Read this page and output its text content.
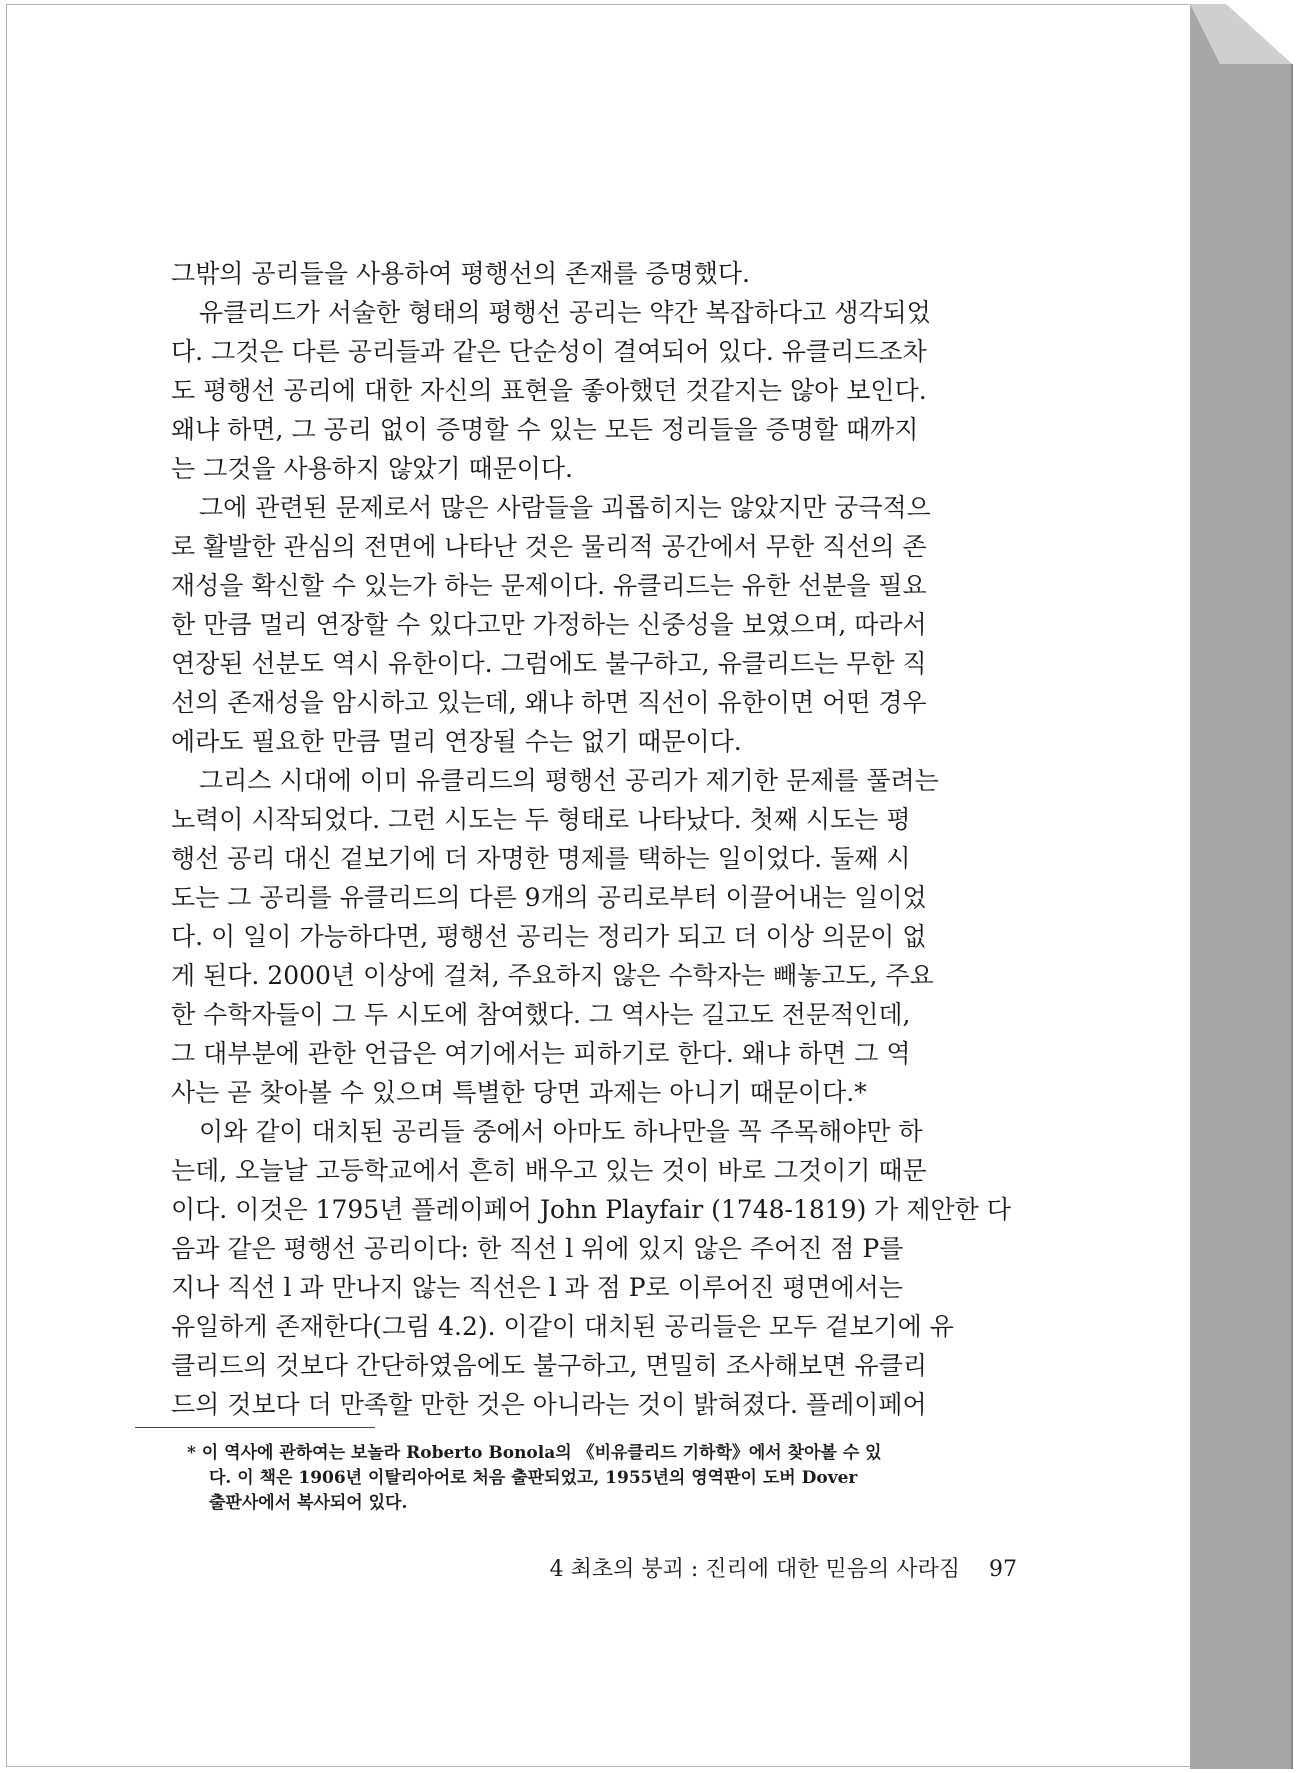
그밖의 공리들을 사용하여 평행선의 존재를 증명했다.
유클리드가 서술한 형태의 평행선 공리는 약간 복잡하다고 생각되었
다. 그것은 다른 공리들과 같은 단순성이 결여되어 있다. 유클리드조차
도 평행선 공리에 대한 자신의 표현을 좋아했던 것같지는 않아 보인다.
왜냐 하면, 그 공리 없이 증명할 수 있는 모든 정리들을 증명할 때까지
는 그것을 사용하지 않았기 때문이다.
그에 관련된 문제로서 많은 사람들을 괴롭히지는 않았지만 궁극적으
로 활발한 관심의 전면에 나타난 것은 물리적 공간에서 무한 직선의 존
재성을 확신할 수 있는가 하는 문제이다. 유클리드는 유한 선분을 필요
한 만큼 멀리 연장할 수 있다고만 가정하는 신중성을 보였으며, 따라서
연장된 선분도 역시 유한이다. 그럼에도 불구하고, 유클리드는 무한 직
선의 존재성을 암시하고 있는데, 왜냐 하면 직선이 유한이면 어떤 경우
에라도 필요한 만큼 멀리 연장될 수는 없기 때문이다.
그리스 시대에 이미 유클리드의 평행선 공리가 제기한 문제를 풀려는
노력이 시작되었다. 그런 시도는 두 형태로 나타났다. 첫째 시도는 평
행선 공리 대신 겉보기에 더 자명한 명제를 택하는 일이었다. 둘째 시
도는 그 공리를 유클리드의 다른 9개의 공리로부터 이끌어내는 일이었
다. 이 일이 가능하다면, 평행선 공리는 정리가 되고 더 이상 의문이 없
게 된다. 2000년 이상에 걸쳐, 주요하지 않은 수학자는 빼놓고도, 주요
한 수학자들이 그 두 시도에 참여했다. 그 역사는 길고도 전문적인데,
그 대부분에 관한 언급은 여기에서는 피하기로 한다. 왜냐 하면 그 역
사는 곧 찾아볼 수 있으며 특별한 당면 과제는 아니기 때문이다.*
이와 같이 대치된 공리들 중에서 아마도 하나만을 꼭 주목해야만 하
는데, 오늘날 고등학교에서 흔히 배우고 있는 것이 바로 그것이기 때문
이다. 이것은 1795년 플레이페어 John Playfair (1748-1819) 가 제안한 다
음과 같은 평행선 공리이다: 한 직선 l 위에 있지 않은 주어진 점 P를
지나 직선 l 과 만나지 않는 직선은 l 과 점 P로 이루어진 평면에서는
유일하게 존재한다(그림 4.2). 이같이 대치된 공리들은 모두 겉보기에 유
클리드의 것보다 간단하였음에도 불구하고, 면밀히 조사해보면 유클리
드의 것보다 더 만족할 만한 것은 아니라는 것이 밝혀졌다. 플레이페어
* 이 역사에 관하여는 보놀라 Roberto Bonola의 《비유클리드 기하학》에서 찾아볼 수 있
다. 이 책은 1906년 이탈리아어로 처음 출판되었고, 1955년의 영역판이 도버 Dover
출판사에서 복사되어 있다.
4 최초의 붕괴 : 진리에 대한 믿음의 사라짐 97
